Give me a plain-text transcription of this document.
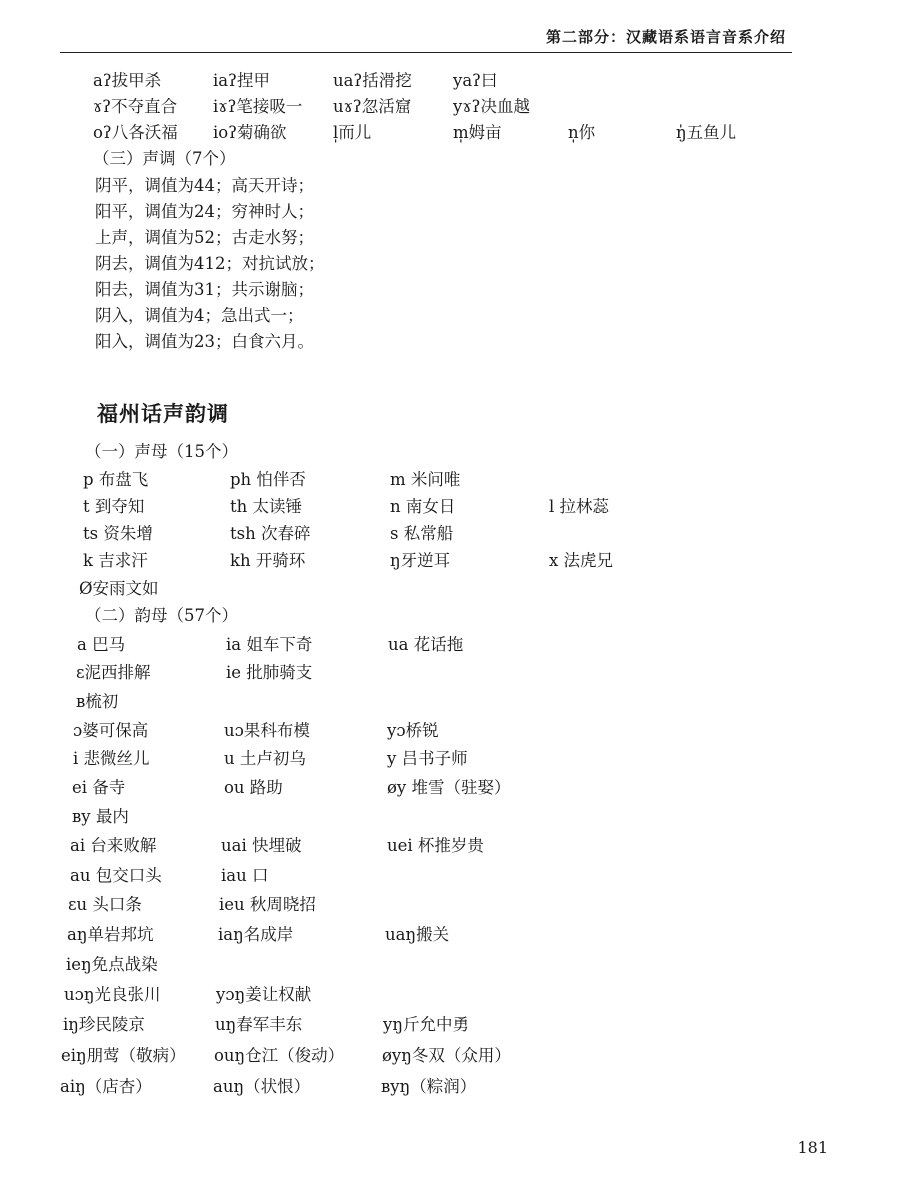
第二部分：汉藏语系语言音系介绍
aʔ拔甲杀	iaʔ捏甲	uaʔ括滑挖 yaʔ曰
ɤʔ不夺直合 iɤʔ笔接吸一 uɤʔ忽活窟	yɤʔ决血越
oʔ八各沃福 ioʔ菊确欲	l̩而儿	m̩姆亩	n̩你	ŋ̍五鱼儿
（三）声调（7个）
阴平，调值为44；高天开诗；
阳平，调值为24；穷神时人；
上声，调值为52；古走水努；
阴去，调值为412；对抗试放；
阳去，调值为31；共示谢脑；
阴入，调值为4；急出式一；
阳入，调值为23；白食六月。
福州话声韵调
（一）声母（15个）
p 布盘飞	ph 怕伴否	m 米问唯
t 到夺知	th 太读锤	n 南女日	l 拉林蕊
ts 资朱增	tsh 次春碎	s 私常船
k 吉求汗	kh 开骑环	ŋ牙逆耳	x 法虎兄
Ø安雨文如
（二）韵母（57个）
a 巴马	ia 姐车下奇	ua 花话拖
ɛ泥西排解	ie 批肺骑支
ʙ梳初
ɔ婆可保高	uɔ果科布模	yɔ桥锐
i 悲微丝儿	u 土卢初乌	y 吕书子师
ei 备寺	ou 路助	øy 堆雪（驻娶）
ʙy 最内
ai 台来败解	uai 快埋破	uei 杯推岁贵
au 包交口头	iau 口
ɛu 头口条	ieu 秋周晓招
aŋ单岩邦坑	iaŋ名成岸	uaŋ搬关
ieŋ免点战染
uɔŋ光良张川	yɔŋ姜让权献
iŋ珍民陵京	uŋ春军丰东	yŋ斤允中勇
eiŋ朋莺（敬病） ouŋ仓江（俊动） øyŋ冬双（众用）
aiŋ（店杏）	auŋ（状恨）	ʙyŋ（粽润）
181
